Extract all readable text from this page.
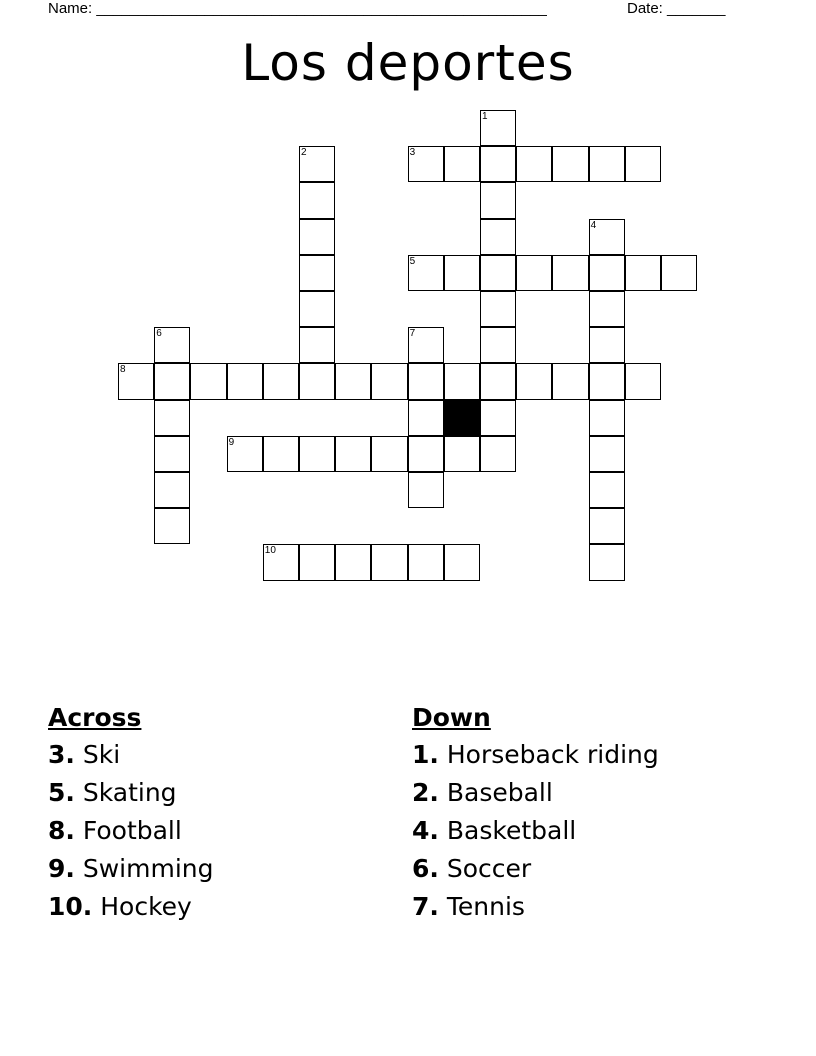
Name: ______________________________________________________	Date: _______
Los deportes
1
2	3
4
5
6	7
8
9
10
Across
3. Ski
5. Skating
8. Football
9. Swimming
10. Hockey
Down
1. Horseback riding
2. Baseball
4. Basketball
6. Soccer
7. Tennis
